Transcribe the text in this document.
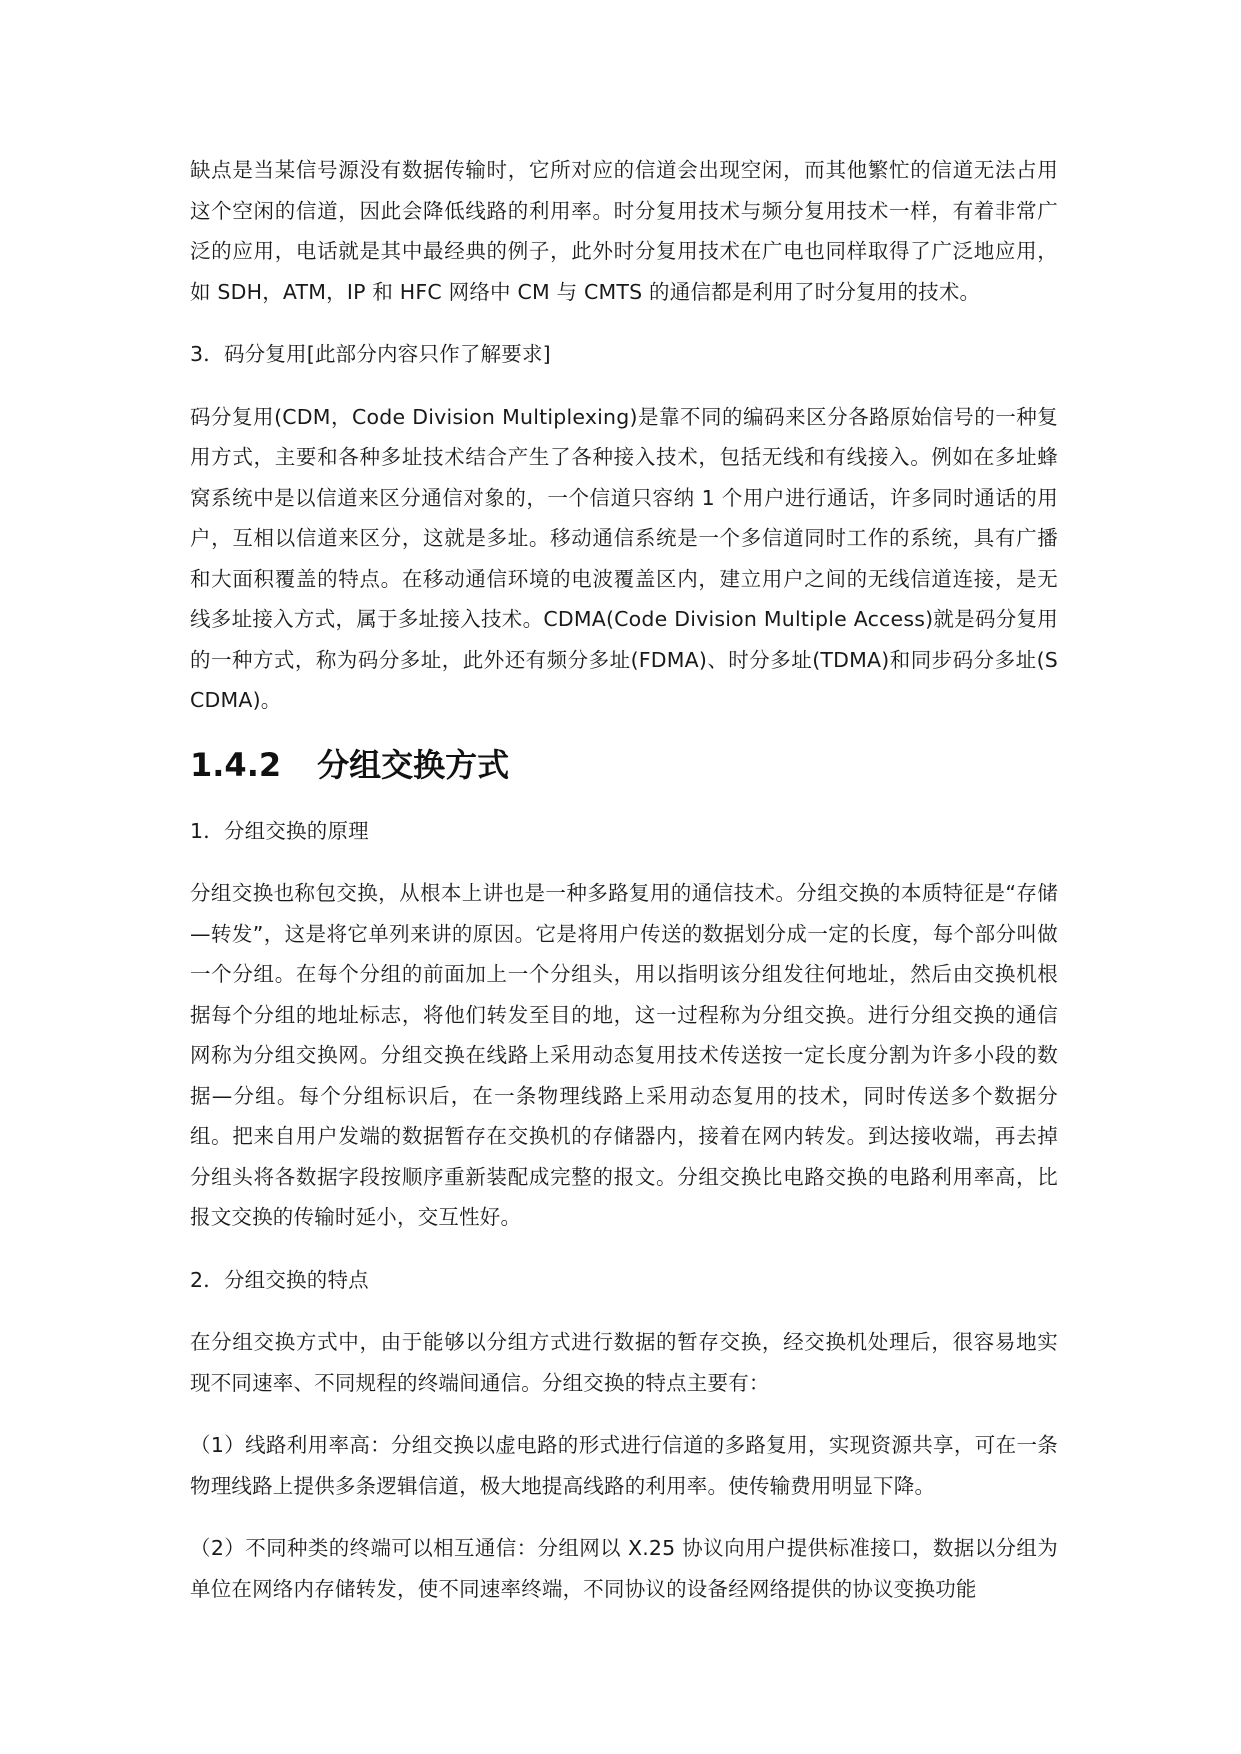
缺点是当某信号源没有数据传输时，它所对应的信道会出现空闲，而其他繁忙的信道无法占用这个空闲的信道，因此会降低线路的利用率。时分复用技术与频分复用技术一样，有着非常广泛的应用，电话就是其中最经典的例子，此外时分复用技术在广电也同样取得了广泛地应用，如 SDH，ATM，IP 和 HFC 网络中 CM 与 CMTS 的通信都是利用了时分复用的技术。

3．码分复用[此部分内容只作了解要求]

码分复用(CDM，Code Division Multiplexing)是靠不同的编码来区分各路原始信号的一种复用方式，主要和各种多址技术结合产生了各种接入技术，包括无线和有线接入。例如在多址蜂窝系统中是以信道来区分通信对象的，一个信道只容纳 1 个用户进行通话，许多同时通话的用户，互相以信道来区分，这就是多址。移动通信系统是一个多信道同时工作的系统，具有广播和大面积覆盖的特点。在移动通信环境的电波覆盖区内，建立用户之间的无线信道连接，是无线多址接入方式，属于多址接入技术。CDMA(Code Division Multiple Access)就是码分复用的一种方式，称为码分多址，此外还有频分多址(FDMA)、时分多址(TDMA)和同步码分多址(SCDMA)。

1.4.2 分组交换方式

1．分组交换的原理

分组交换也称包交换，从根本上讲也是一种多路复用的通信技术。分组交换的本质特征是“存储—转发”，这是将它单列来讲的原因。它是将用户传送的数据划分成一定的长度，每个部分叫做一个分组。在每个分组的前面加上一个分组头，用以指明该分组发往何地址，然后由交换机根据每个分组的地址标志，将他们转发至目的地，这一过程称为分组交换。进行分组交换的通信网称为分组交换网。分组交换在线路上采用动态复用技术传送按一定长度分割为许多小段的数据—分组。每个分组标识后，在一条物理线路上采用动态复用的技术，同时传送多个数据分组。把来自用户发端的数据暂存在交换机的存储器内，接着在网内转发。到达接收端，再去掉分组头将各数据字段按顺序重新装配成完整的报文。分组交换比电路交换的电路利用率高，比报文交换的传输时延小，交互性好。

2．分组交换的特点

在分组交换方式中，由于能够以分组方式进行数据的暂存交换，经交换机处理后，很容易地实现不同速率、不同规程的终端间通信。分组交换的特点主要有：

（1）线路利用率高：分组交换以虚电路的形式进行信道的多路复用，实现资源共享，可在一条物理线路上提供多条逻辑信道，极大地提高线路的利用率。使传输费用明显下降。

（2）不同种类的终端可以相互通信：分组网以 X.25 协议向用户提供标准接口，数据以分组为单位在网络内存储转发，使不同速率终端，不同协议的设备经网络提供的协议变换功能
